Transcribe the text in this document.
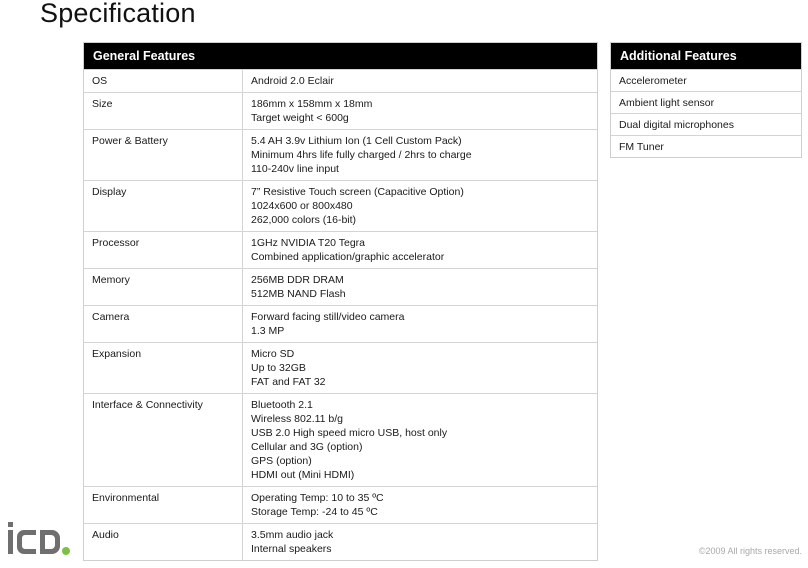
Specification
General Features
OS	Android 2.0 Eclair
Size	186mm x 158mm x 18mm
Target weight < 600g
Power & Battery	5.4 AH 3.9v Lithium Ion (1 Cell Custom Pack)
Minimum 4hrs life fully charged / 2hrs to charge
110-240v line input
Display	7” Resistive Touch screen (Capacitive Option)
1024x600 or 800x480
262,000 colors (16-bit)
Processor	1GHz NVIDIA T20 Tegra
Combined application/graphic accelerator
Memory	256MB DDR DRAM
512MB NAND Flash
Camera	Forward facing still/video camera
1.3 MP
Expansion	Micro SD
Up to 32GB
FAT and FAT 32
Interface & Connectivity	Bluetooth 2.1
Wireless 802.11 b/g
USB 2.0 High speed micro USB, host only
Cellular and 3G (option)
GPS (option)
HDMI out (Mini HDMI)
Environmental	Operating Temp: 10 to 35 ºC
Storage Temp: -24 to 45 ºC
Audio	3.5mm audio jack
Internal speakers
Additional Features
Accelerometer
Ambient light sensor
Dual digital microphones
FM Tuner
©2009 All rights reserved.
